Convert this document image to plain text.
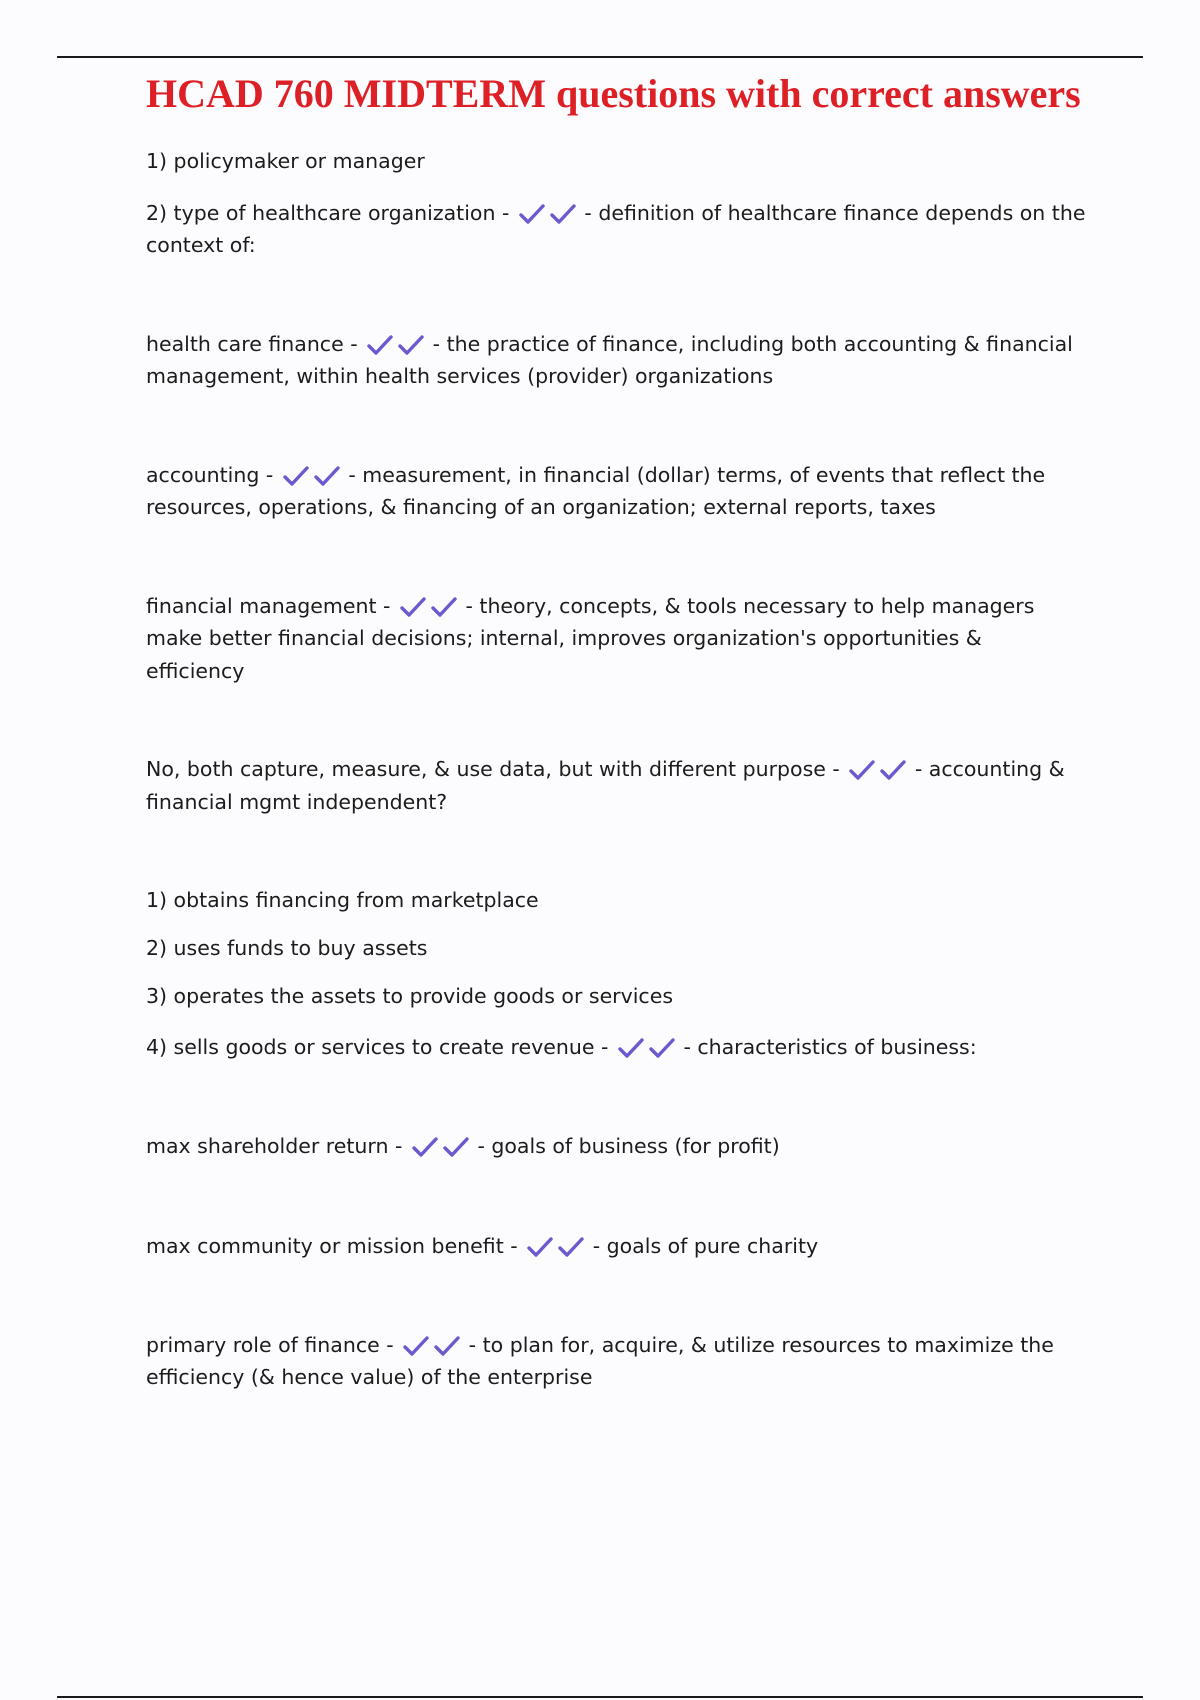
HCAD 760 MIDTERM questions with correct answers
1) policymaker or manager
2) type of healthcare organization -	- definition of healthcare finance depends on the
context of:
health care finance -	- the practice of finance, including both accounting & financial
management, within health services (provider) organizations
accounting -	- measurement, in financial (dollar) terms, of events that reflect the
resources, operations, & financing of an organization; external reports, taxes
financial management -	- theory, concepts, & tools necessary to help managers
make better financial decisions; internal, improves organization's opportunities &
efficiency
No, both capture, measure, & use data, but with different purpose -	- accounting &
financial mgmt independent?
1) obtains financing from marketplace
2) uses funds to buy assets
3) operates the assets to provide goods or services
4) sells goods or services to create revenue -	- characteristics of business:
max shareholder return -	- goals of business (for profit)
max community or mission benefit -	- goals of pure charity
primary role of finance -	- to plan for, acquire, & utilize resources to maximize the
efficiency (& hence value) of the enterprise
